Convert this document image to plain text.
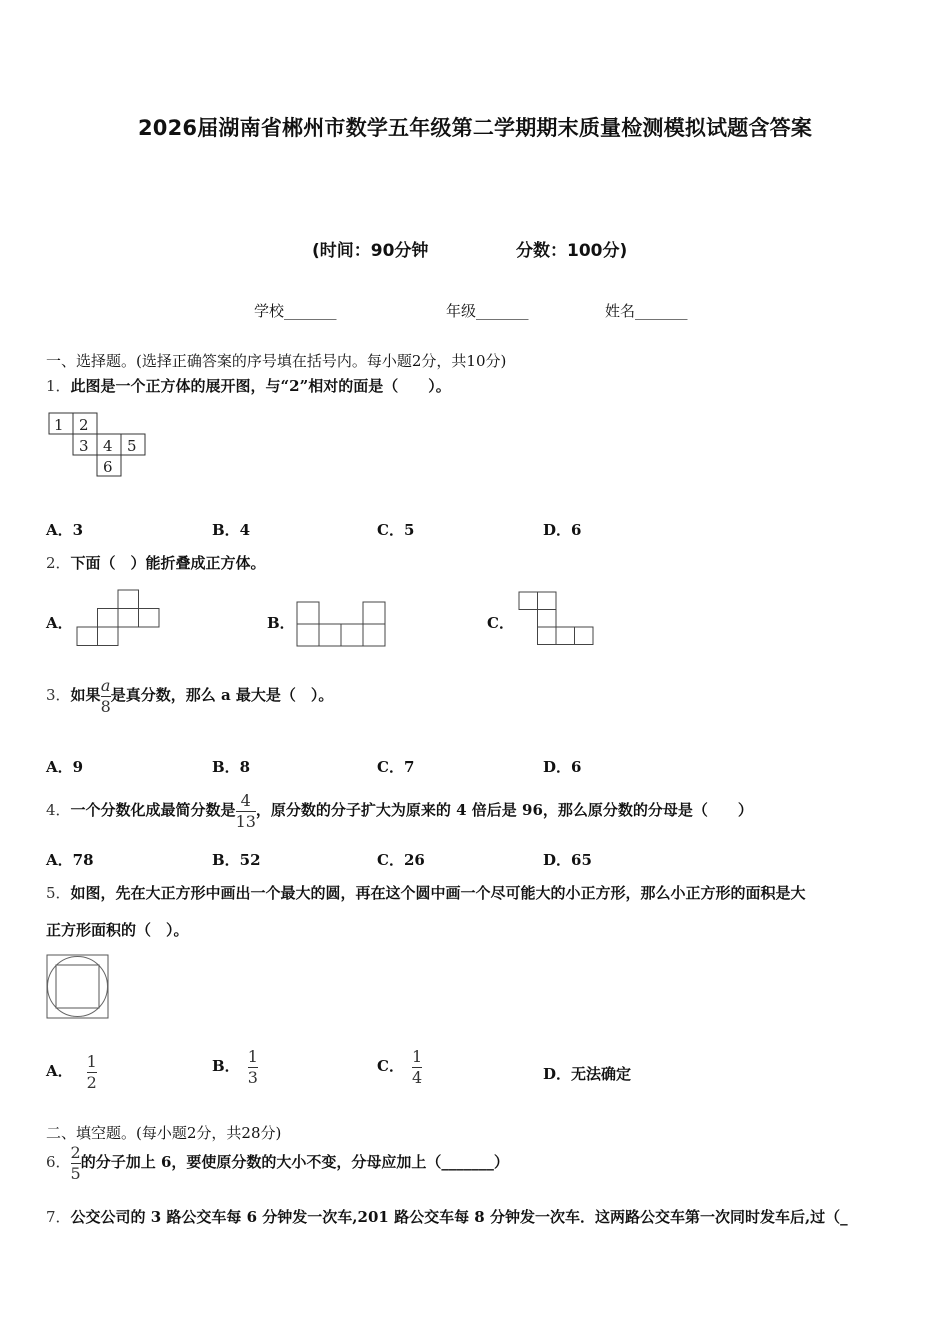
2026届湖南省郴州市数学五年级第二学期期末质量检测模拟试题含答案
(时间：90分钟	分数：100分)
学校_______	年级_______	姓名_______
一、选择题。(选择正确答案的序号填在括号内。每小题2分，共10分)
1．此图是一个正方体的展开图，与“2”相对的面是（　　）。
1 2
3 4 5
6
A．3	B．4	C．5	D．6
2．下面（　）能折叠成正方体。
A．	B．	C．
3．如果 $\frac{a}{8}$ 是真分数，那么 a 最大是（　）。
A．9	B．8	C．7	D．6
4．一个分数化成最简分数是 $\frac{4}{13}$ ，原分数的分子扩大为原来的 4 倍后是 96，那么原分数的分母是（　　）
A．78	B．52	C．26	D．65
5．如图，先在大正方形中画出一个最大的圆，再在这个圆中画一个尽可能大的小正方形，那么小正方形的面积是大
正方形面积的（　）。
A． $\frac{1}{2}$	B． $\frac{1}{3}$	C． $\frac{1}{4}$	D．无法确定
二、填空题。(每小题2分，共28分)
6． $\frac{2}{5}$ 的分子加上 6，要使原分数的大小不变，分母应加上（_______）
7．公交公司的 3 路公交车每 6 分钟发一次车,201 路公交车每 8 分钟发一次车．这两路公交车第一次同时发车后,过（_
